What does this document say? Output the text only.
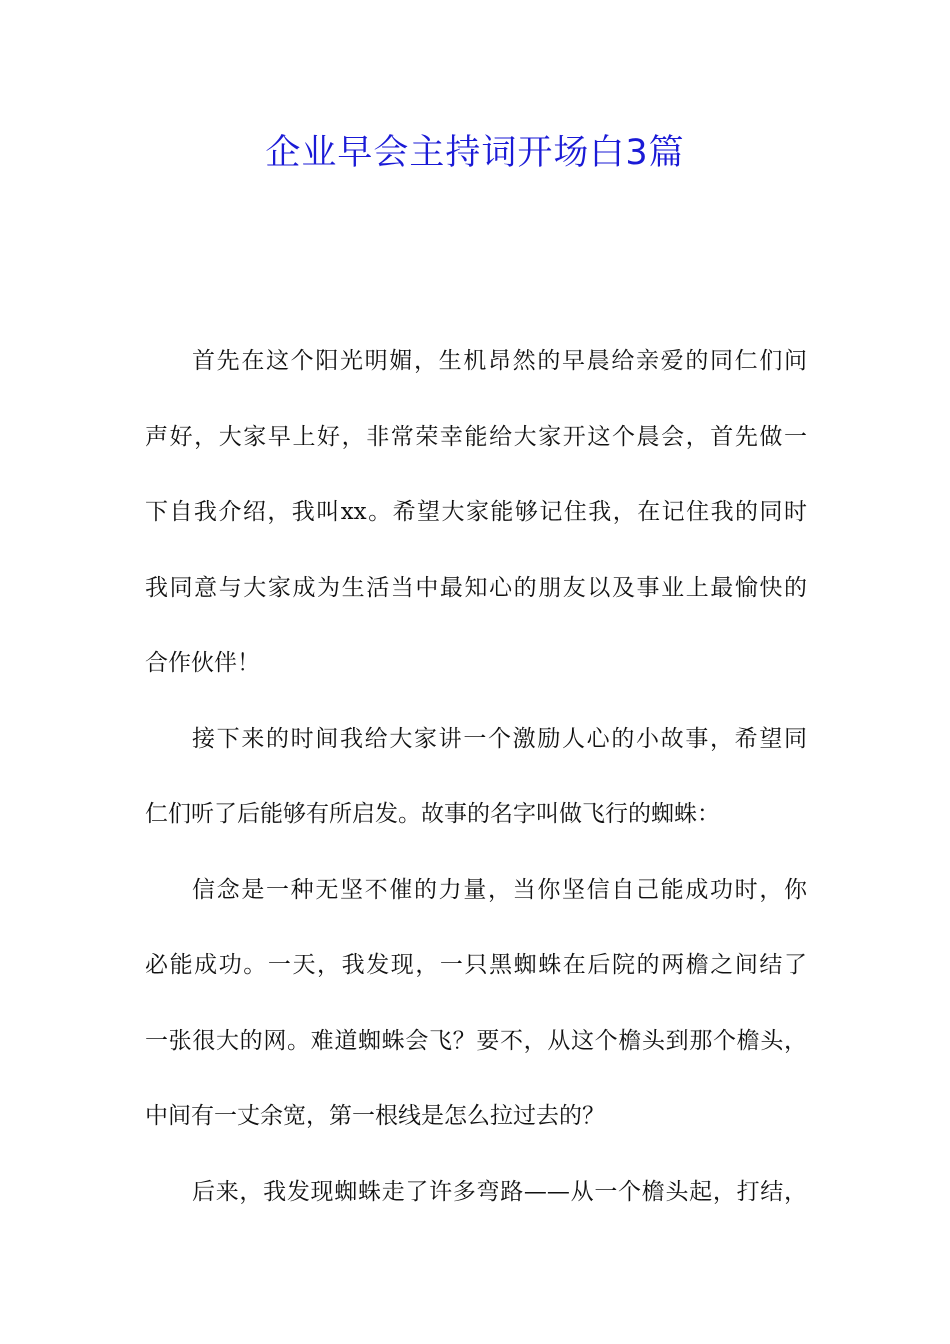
企业早会主持词开场白3篇
首先在这个阳光明媚，生机昂然的早晨给亲爱的同仁们问
声好，大家早上好，非常荣幸能给大家开这个晨会，首先做一
下自我介绍，我叫xx。希望大家能够记住我，在记住我的同时
我同意与大家成为生活当中最知心的朋友以及事业上最愉快的
合作伙伴！
接下来的时间我给大家讲一个激励人心的小故事，希望同
仁们听了后能够有所启发。故事的名字叫做飞行的蜘蛛：
信念是一种无坚不催的力量，当你坚信自己能成功时，你
必能成功。一天，我发现，一只黑蜘蛛在后院的两檐之间结了
一张很大的网。难道蜘蛛会飞？要不，从这个檐头到那个檐头，
中间有一丈余宽，第一根线是怎么拉过去的？
后来，我发现蜘蛛走了许多弯路——从一个檐头起，打结，
